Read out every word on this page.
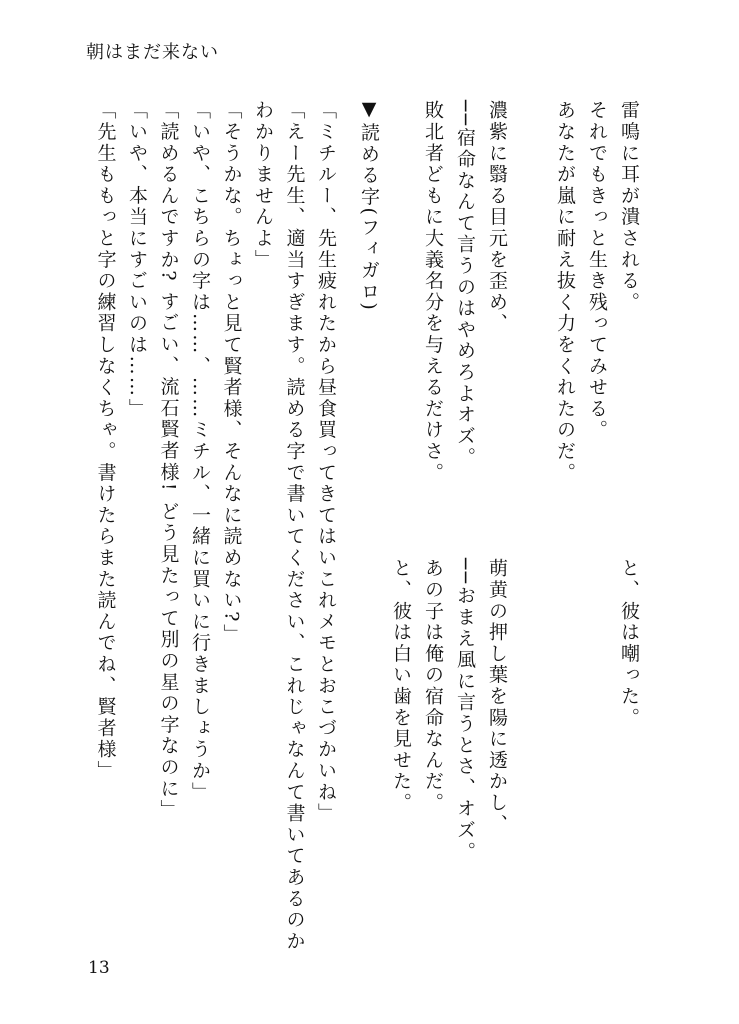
朝はまだ来ない
雷鳴に耳が潰される。
それでもきっと生き残ってみせる。
あなたが嵐に耐え抜く力をくれたのだ。
濃紫に翳る目元を歪め、
──宿命なんて言うのはやめろよオズ。
敗北者どもに大義名分を与えるだけさ。
と、彼は嘲った。
萌黄の押し葉を陽に透かし、
──おまえ風に言うとさ、オズ。
あの子は俺の宿命なんだ。
と、彼は白い歯を見せた。
▼読める字(フィガロ)
「ミチルー、先生疲れたから昼食買ってきてはいこれメモとおこづかいね」
「えー先生、適当すぎます。読める字で書いてください、これじゃなんて書いてあるのか
わかりませんよ」
「そうかな。ちょっと見て賢者様、そんなに読めない?」
「いや、こちらの字は……、……ミチル、一緒に買いに行きましょうか」
「読めるんですか? すごい、流石賢者様! どう見たって別の星の字なのに」
「いや、本当にすごいのは……」
「先生ももっと字の練習しなくちゃ。書けたらまた読んでね、賢者様」
13
